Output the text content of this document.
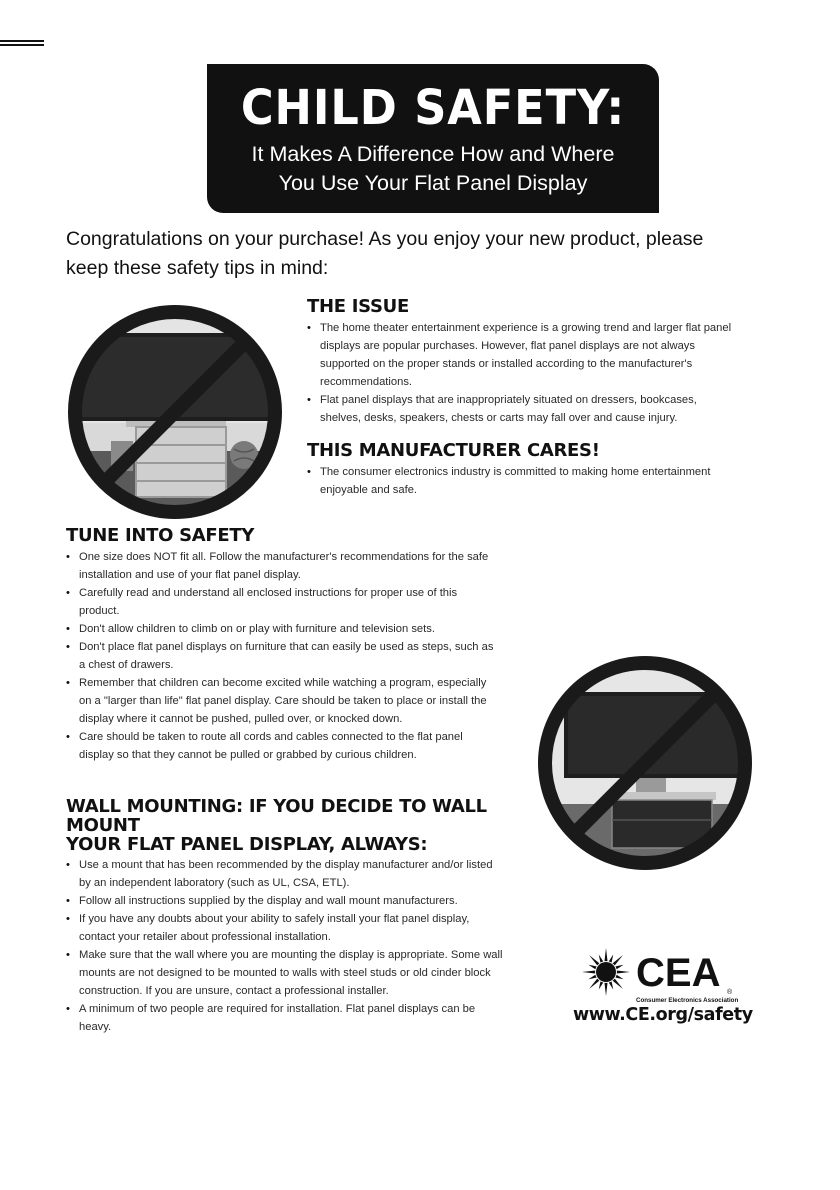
CHILD SAFETY:
It Makes A Difference How and Where
You Use Your Flat Panel Display
Congratulations on your purchase! As you enjoy your new product, please
keep these safety tips in mind:
THE ISSUE
• The home theater entertainment experience is a growing trend and larger flat panel displays are popular purchases. However, flat panel displays are not always supported on the proper stands or installed according to the manufacturer's recommendations.
• Flat panel displays that are inappropriately situated on dressers, bookcases, shelves, desks, speakers, chests or carts may fall over and cause injury.
THIS MANUFACTURER CARES!
• The consumer electronics industry is committed to making home entertainment enjoyable and safe.
TUNE INTO SAFETY
• One size does NOT fit all. Follow the manufacturer's recommendations for the safe installation and use of your flat panel display.
• Carefully read and understand all enclosed instructions for proper use of this product.
• Don't allow children to climb on or play with furniture and television sets.
• Don't place flat panel displays on furniture that can easily be used as steps, such as a chest of drawers.
• Remember that children can become excited while watching a program, especially on a "larger than life" flat panel display. Care should be taken to place or install the display where it cannot be pushed, pulled over, or knocked down.
• Care should be taken to route all cords and cables connected to the flat panel display so that they cannot be pulled or grabbed by curious children.
WALL MOUNTING: IF YOU DECIDE TO WALL MOUNT
YOUR FLAT PANEL DISPLAY, ALWAYS:
• Use a mount that has been recommended by the display manufacturer and/or listed by an independent laboratory (such as UL, CSA, ETL).
• Follow all instructions supplied by the display and wall mount manufacturers.
• If you have any doubts about your ability to safely install your flat panel display, contact your retailer about professional installation.
• Make sure that the wall where you are mounting the display is appropriate. Some wall mounts are not designed to be mounted to walls with steel studs or old cinder block construction. If you are unsure, contact a professional installer.
• A minimum of two people are required for installation. Flat panel displays can be heavy.
CEA ®
Consumer Electronics Association
www.CE.org/safety
